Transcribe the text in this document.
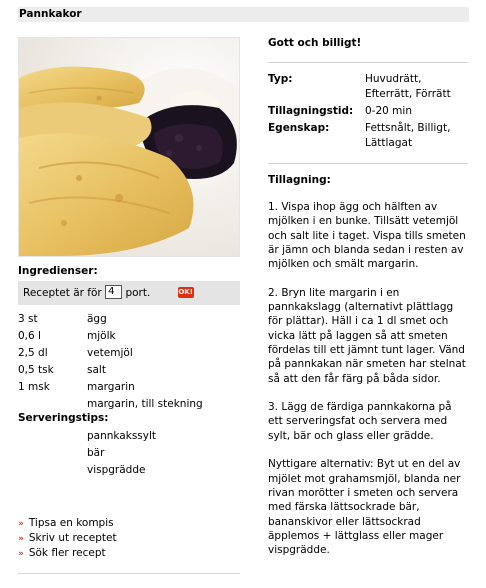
Pannkakor
Ingredienser:
Receptet är för 4 port.	OK!
3 st	ägg
0,6 l	mjölk
2,5 dl	vetemjöl
0,5 tsk	salt
1 msk	margarin
margarin, till stekning
Serveringstips:
pannkakssylt
bär
vispgrädde
» Tipsa en kompis
» Skriv ut receptet
» Sök fler recept
Gott och billigt!
Typ:	Huvudrätt, Efterrätt, Förrätt
Tillagningstid:	0-20 min
Egenskap:	Fettsnålt, Billigt, Lättlagat
Tillagning:

1. Vispa ihop ägg och hälften av mjölken i en bunke. Tillsätt vetemjöl och salt lite i taget. Vispa tills smeten är jämn och blanda sedan i resten av mjölken och smält margarin.

2. Bryn lite margarin i en pannkakslagg (alternativt plättlagg för plättar). Häll i ca 1 dl smet och vicka lätt på laggen så att smeten fördelas till ett jämnt tunt lager. Vänd på pannkakan när smeten har stelnat så att den får färg på båda sidor.

3. Lägg de färdiga pannkakorna på ett serveringsfat och servera med sylt, bär och glass eller grädde.

Nyttigare alternativ: Byt ut en del av mjölet mot grahamsmjöl, blanda ner rivan morötter i smeten och servera med färska lättsockrade bär, bananskivor eller lättsockrad äpplemos + lättglass eller mager vispgrädde.
